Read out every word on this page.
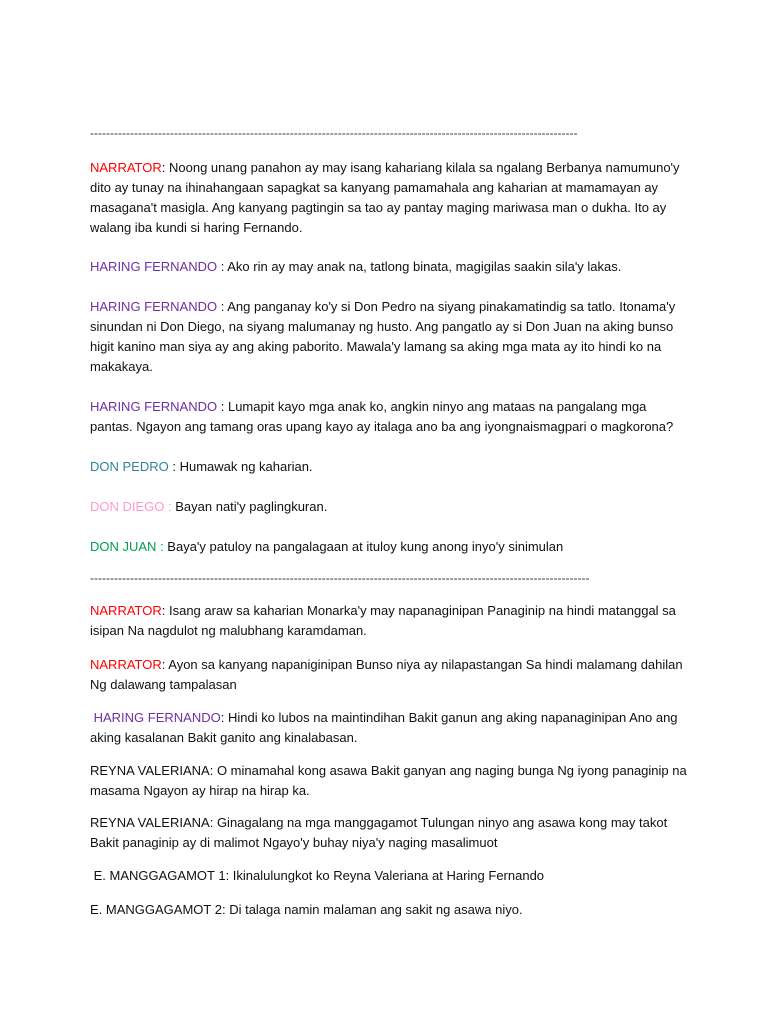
--------------------------------------------------------------------------------------------------------------------------

NARRATOR: Noong unang panahon ay may isang kahariang kilala sa ngalang Berbanya namumuno'y dito ay tunay na ihinahangaan sapagkat sa kanyang pamamahala ang kaharian at mamamayan ay masagana't masigla. Ang kanyang pagtingin sa tao ay pantay maging mariwasa man o dukha. Ito ay walang iba kundi si haring Fernando.

HARING FERNANDO : Ako rin ay may anak na, tatlong binata, magigilas saakin sila'y lakas.

HARING FERNANDO : Ang panganay ko'y si Don Pedro na siyang pinakamatindig sa tatlo. Itonama'y sinundan ni Don Diego, na siyang malumanay ng husto. Ang pangatlo ay si Don Juan na aking bunso higit kanino man siya ay ang aking paborito. Mawala'y lamang sa aking mga mata ay ito hindi ko na makakaya.

HARING FERNANDO : Lumapit kayo mga anak ko, angkin ninyo ang mataas na pangalang mga pantas. Ngayon ang tamang oras upang kayo ay italaga ano ba ang iyongnaismagpari o magkorona?

DON PEDRO : Humawak ng kaharian.

DON DIEGO : Bayan nati'y paglingkuran.

DON JUAN : Baya'y patuloy na pangalagaan at ituloy kung anong inyo'y sinimulan

-----------------------------------------------------------------------------------------------------------------------------

NARRATOR: Isang araw sa kaharian Monarka'y may napanaginipan Panaginip na hindi matanggal sa isipan Na nagdulot ng malubhang karamdaman.

NARRATOR: Ayon sa kanyang napaniginipan Bunso niya ay nilapastangan Sa hindi malamang dahilan Ng dalawang tampalasan

HARING FERNANDO: Hindi ko lubos na maintindihan Bakit ganun ang aking napanaginipan Ano ang aking kasalanan Bakit ganito ang kinalabasan.

REYNA VALERIANA: O minamahal kong asawa Bakit ganyan ang naging bunga Ng iyong panaginip na masama Ngayon ay hirap na hirap ka.

REYNA VALERIANA: Ginagalang na mga manggagamot Tulungan ninyo ang asawa kong may takot Bakit panaginip ay di malimot Ngayo'y buhay niya'y naging masalimuot

E. MANGGAGAMOT 1: Ikinalulungkot ko Reyna Valeriana at Haring Fernando

E. MANGGAGAMOT 2: Di talaga namin malaman ang sakit ng asawa niyo.
